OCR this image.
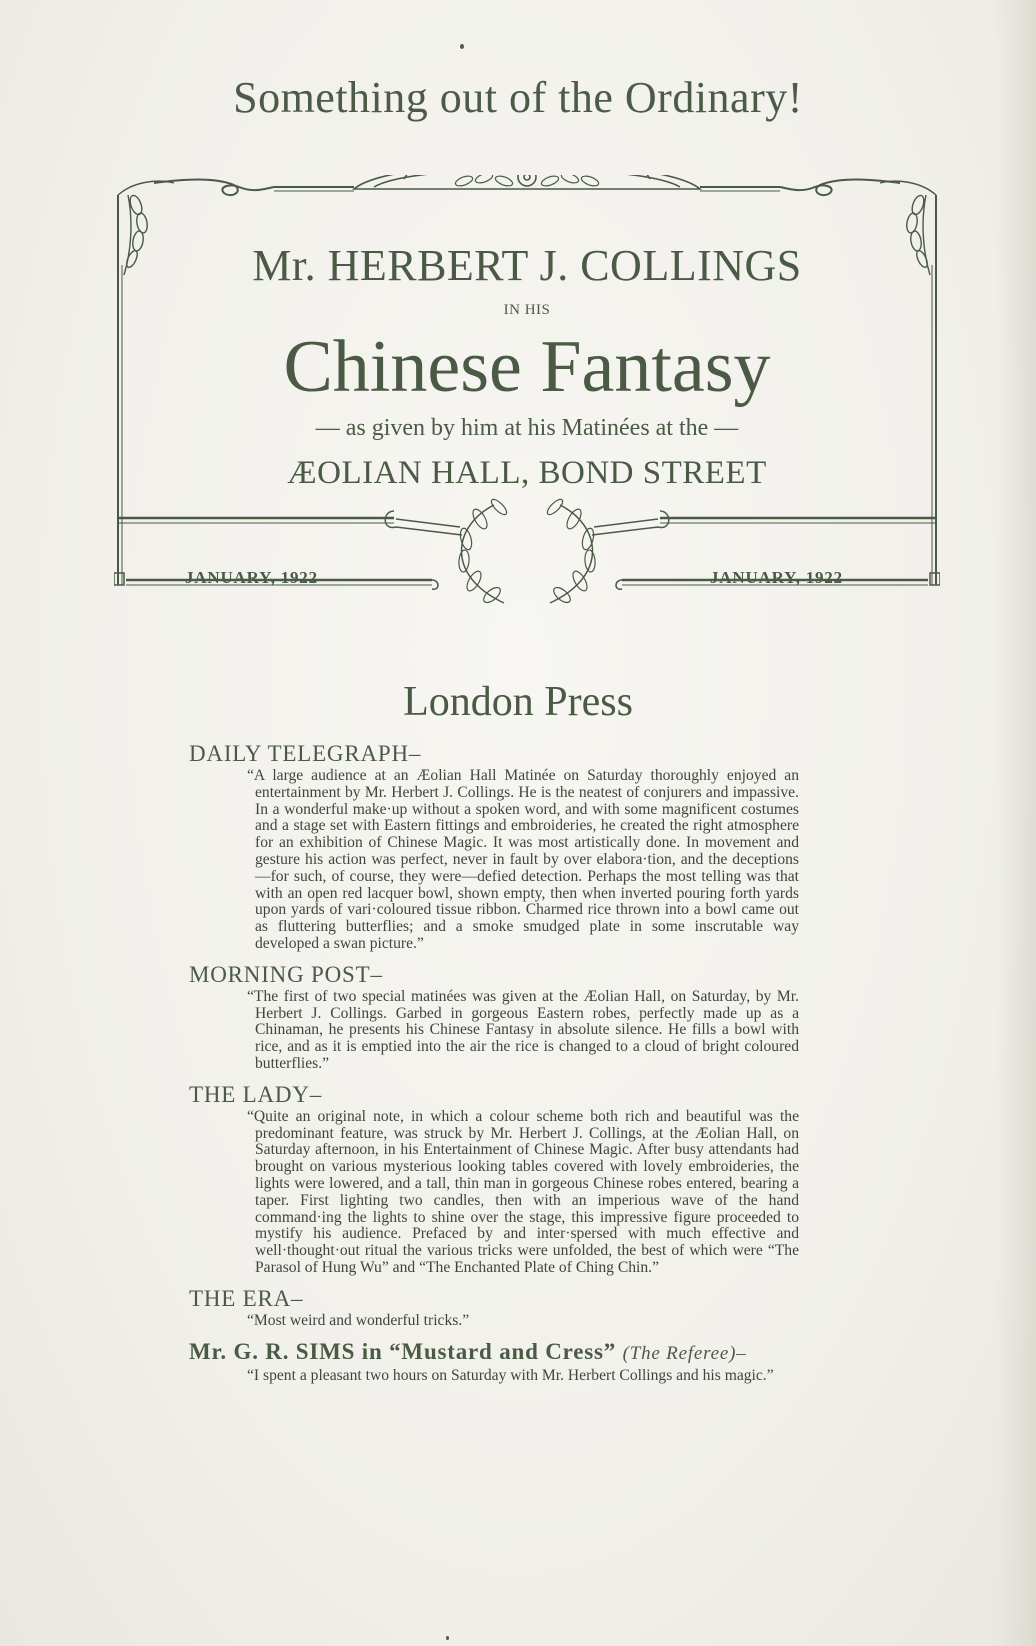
Something out of the Ordinary!
Mr. HERBERT J. COLLINGS
IN HIS
Chinese Fantasy
— as given by him at his Matinées at the —
ÆOLIAN HALL, BOND STREET
JANUARY, 1922	JANUARY, 1922
London Press

DAILY TELEGRAPH–

“A large audience at an Æolian Hall Matinée on Saturday thoroughly enjoyed an entertainment by Mr. Herbert J. Collings. He is the neatest of conjurers and impassive. In a wonderful make·up without a spoken word, and with some magnificent costumes and a stage set with Eastern fittings and embroideries, he created the right atmosphere for an exhibition of Chinese Magic. It was most artistically done. In movement and gesture his action was perfect, never in fault by over elabora·tion, and the deceptions—for such, of course, they were—defied detection. Perhaps the most telling was that with an open red lacquer bowl, shown empty, then when inverted pouring forth yards upon yards of vari·coloured tissue ribbon. Charmed rice thrown into a bowl came out as fluttering butterflies; and a smoke smudged plate in some inscrutable way developed a swan picture.”

MORNING POST–

“The first of two special matinées was given at the Æolian Hall, on Saturday, by Mr. Herbert J. Collings. Garbed in gorgeous Eastern robes, perfectly made up as a Chinaman, he presents his Chinese Fantasy in absolute silence. He fills a bowl with rice, and as it is emptied into the air the rice is changed to a cloud of bright coloured butterflies.”

THE LADY–

“Quite an original note, in which a colour scheme both rich and beautiful was the predominant feature, was struck by Mr. Herbert J. Collings, at the Æolian Hall, on Saturday afternoon, in his Entertainment of Chinese Magic. After busy attendants had brought on various mysterious looking tables covered with lovely embroideries, the lights were lowered, and a tall, thin man in gorgeous Chinese robes entered, bearing a taper. First lighting two candles, then with an imperious wave of the hand command·ing the lights to shine over the stage, this impressive figure proceeded to mystify his audience. Prefaced by and inter·spersed with much effective and well·thought·out ritual the various tricks were unfolded, the best of which were “The Parasol of Hung Wu” and “The Enchanted Plate of Ching Chin.”

THE ERA–

“Most weird and wonderful tricks.”

Mr. G. R. SIMS in “Mustard and Cress” (The Referee)–

“I spent a pleasant two hours on Saturday with Mr. Herbert Collings and his magic.”
